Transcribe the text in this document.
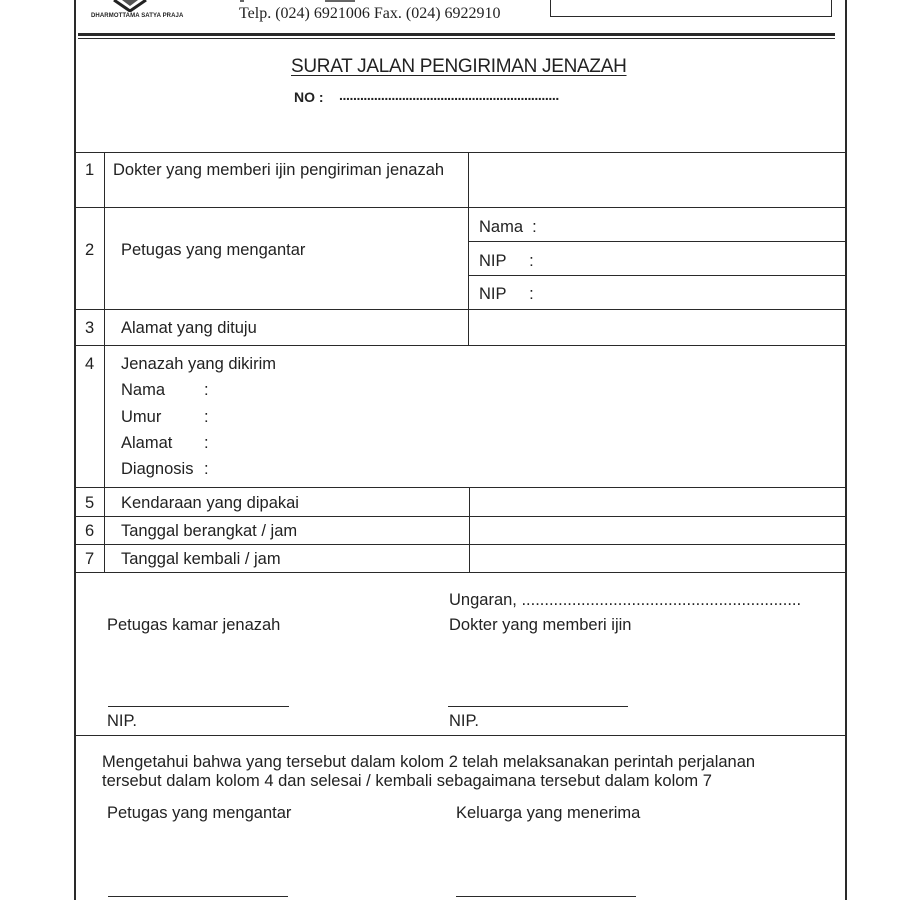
DHARMOTTAMA SATYA PRAJA	Telp. (024) 6921006 Fax. (024) 6922910
SURAT JALAN PENGIRIMAN JENAZAH
NO : ...............................................................
1 Dokter yang memberi ijin pengiriman jenazah
2 Petugas yang mengantar
Nama  :
NIP     :
NIP     :
3 Alamat yang dituju
4 Jenazah yang dikirim
Nama :
Umur	:
Alamat :
Diagnosis :
5 Kendaraan yang dipakai
6 Tanggal berangkat / jam
7 Tanggal kembali / jam
Ungaran, .............................................................
Petugas kamar jenazah	Dokter yang memberi ijin
NIP.	NIP.
Mengetahui bahwa yang tersebut dalam kolom 2 telah melaksanakan perintah perjalanan
tersebut dalam kolom 4 dan selesai / kembali sebagaimana tersebut dalam kolom 7
Petugas yang mengantar	Keluarga yang menerima
